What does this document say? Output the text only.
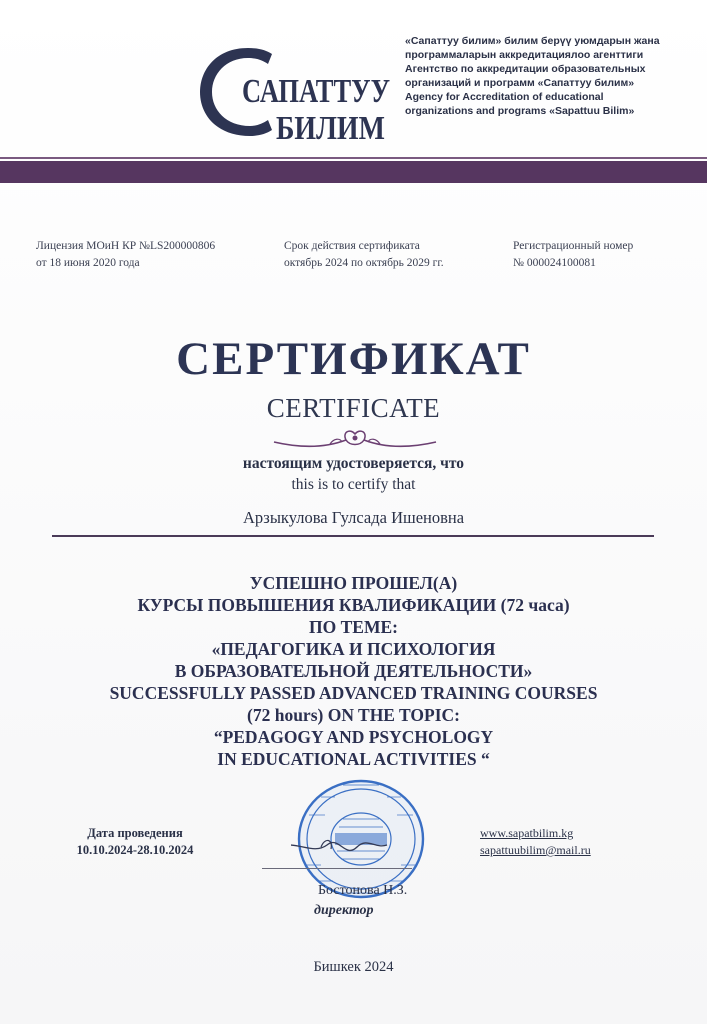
САПАТТУУ
БИЛИМ
«Сапаттуу билим» билим берүү уюмдарын жана
программаларын аккредитациялоо агенттиги
Агентство по аккредитации образовательных
организаций и программ «Сапаттуу билим»
Agency for Accreditation of educational
organizations and programs «Sapattuu Bilim»
Лицензия МОиН КР №LS200000806
от 18 июня 2020 года
Срок действия сертификата
октябрь 2024 по октябрь 2029 гг.
Регистрационный номер
№ 000024100081
СЕРТИФИКАТ
CERTIFICATE
настоящим удостоверяется, что
this is to certify that
Арзыкулова Гулсада Ишеновна
УСПЕШНО ПРОШЕЛ(А)
КУРСЫ ПОВЫШЕНИЯ КВАЛИФИКАЦИИ (72 часа)
ПО ТЕМЕ:
«ПЕДАГОГИКА И ПСИХОЛОГИЯ
В ОБРАЗОВАТЕЛЬНОЙ ДЕЯТЕЛЬНОСТИ»
SUCCESSFULLY PASSED ADVANCED TRAINING COURSES
(72 hours) ON THE TOPIC:
“PEDAGOGY AND PSYCHOLOGY
IN EDUCATIONAL ACTIVITIES “
Дата проведения
10.10.2024-28.10.2024
www.sapatbilim.kg
sapattuubilim@mail.ru
Бостонова Н.З.
директор
Бишкек 2024
